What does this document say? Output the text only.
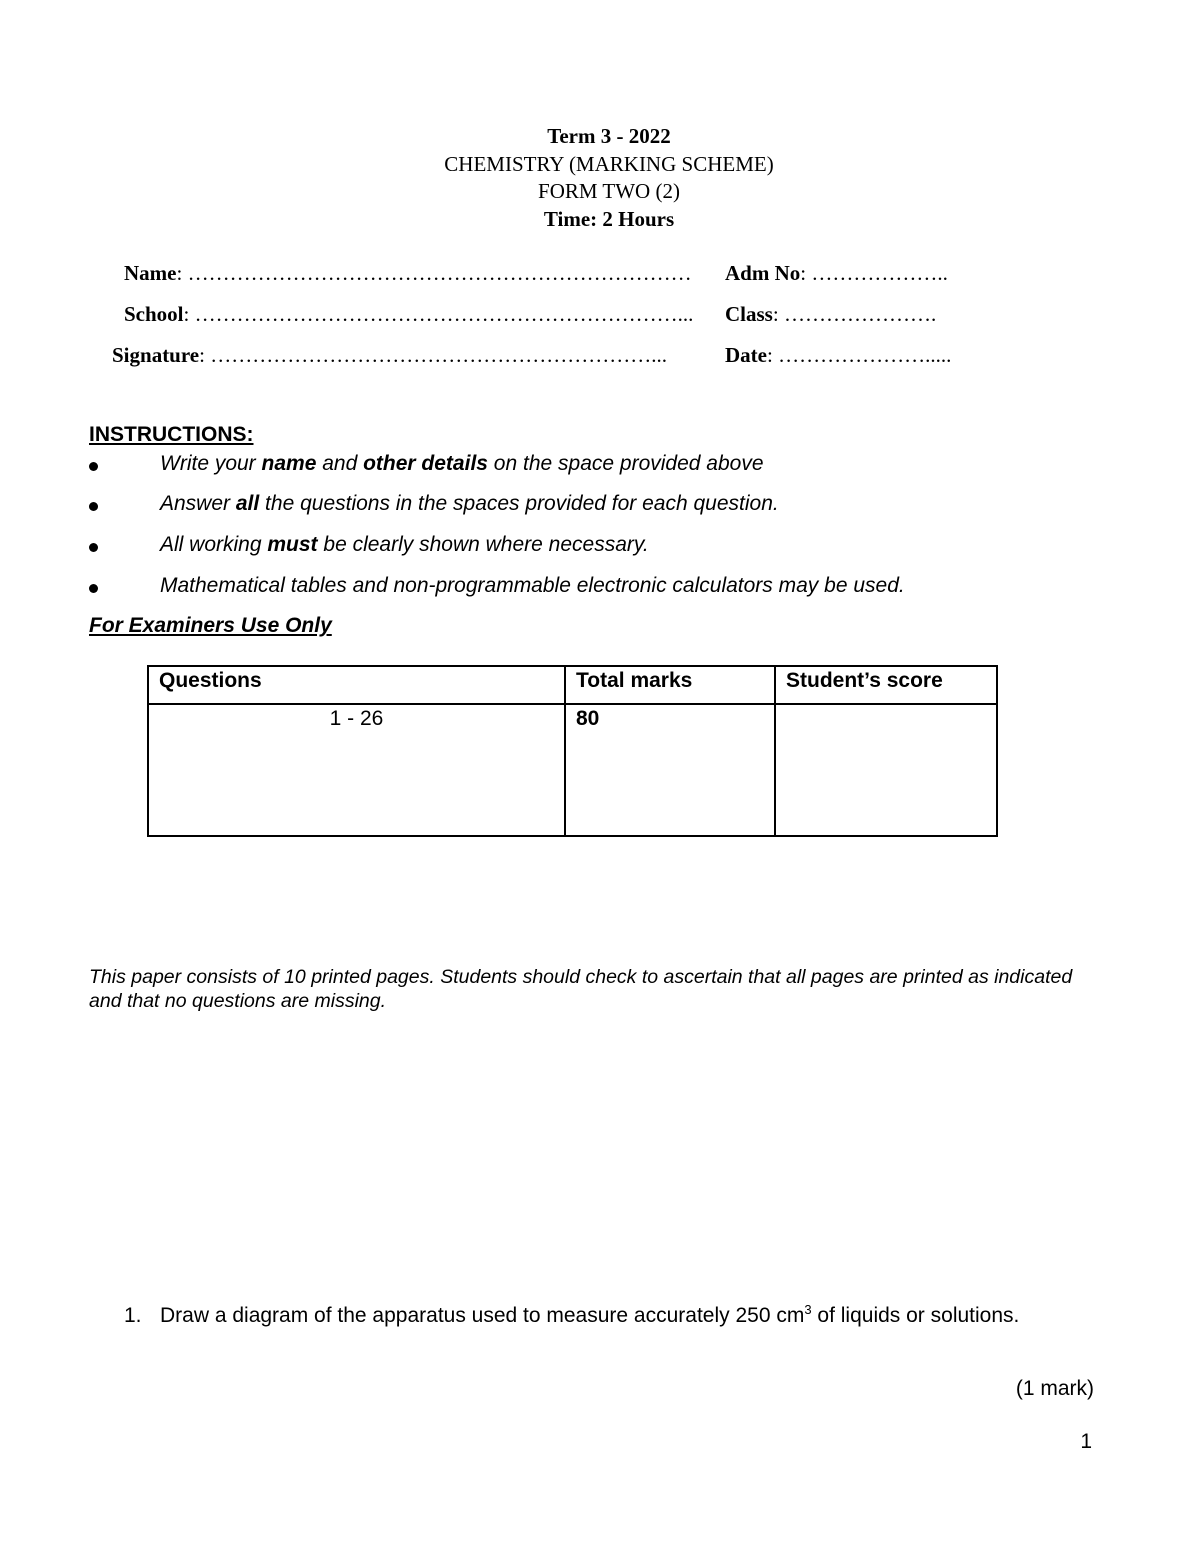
Term 3 - 2022
CHEMISTRY (MARKING SCHEME)
FORM TWO (2)
Time: 2 Hours
Name: ……………………………………………………………… Adm No: ………………..
School: ……………………………………………………………... Class: ………………….
Signature: ………………………………………………………...	Date: ………………….....
INSTRUCTIONS:
Write your name and other details on the space provided above
Answer all the questions in the spaces provided for each question.
All working must be clearly shown where necessary.
Mathematical tables and non-programmable electronic calculators may be used.
For Examiners Use Only
Questions	Total marks	Student’s score
1 - 26	80	
This paper consists of 10 printed pages. Students should check to ascertain that all pages are printed as indicated and that no questions are missing.
1. Draw a diagram of the apparatus used to measure accurately 250 $cm^3$ of liquids or solutions.
(1 mark)
1
